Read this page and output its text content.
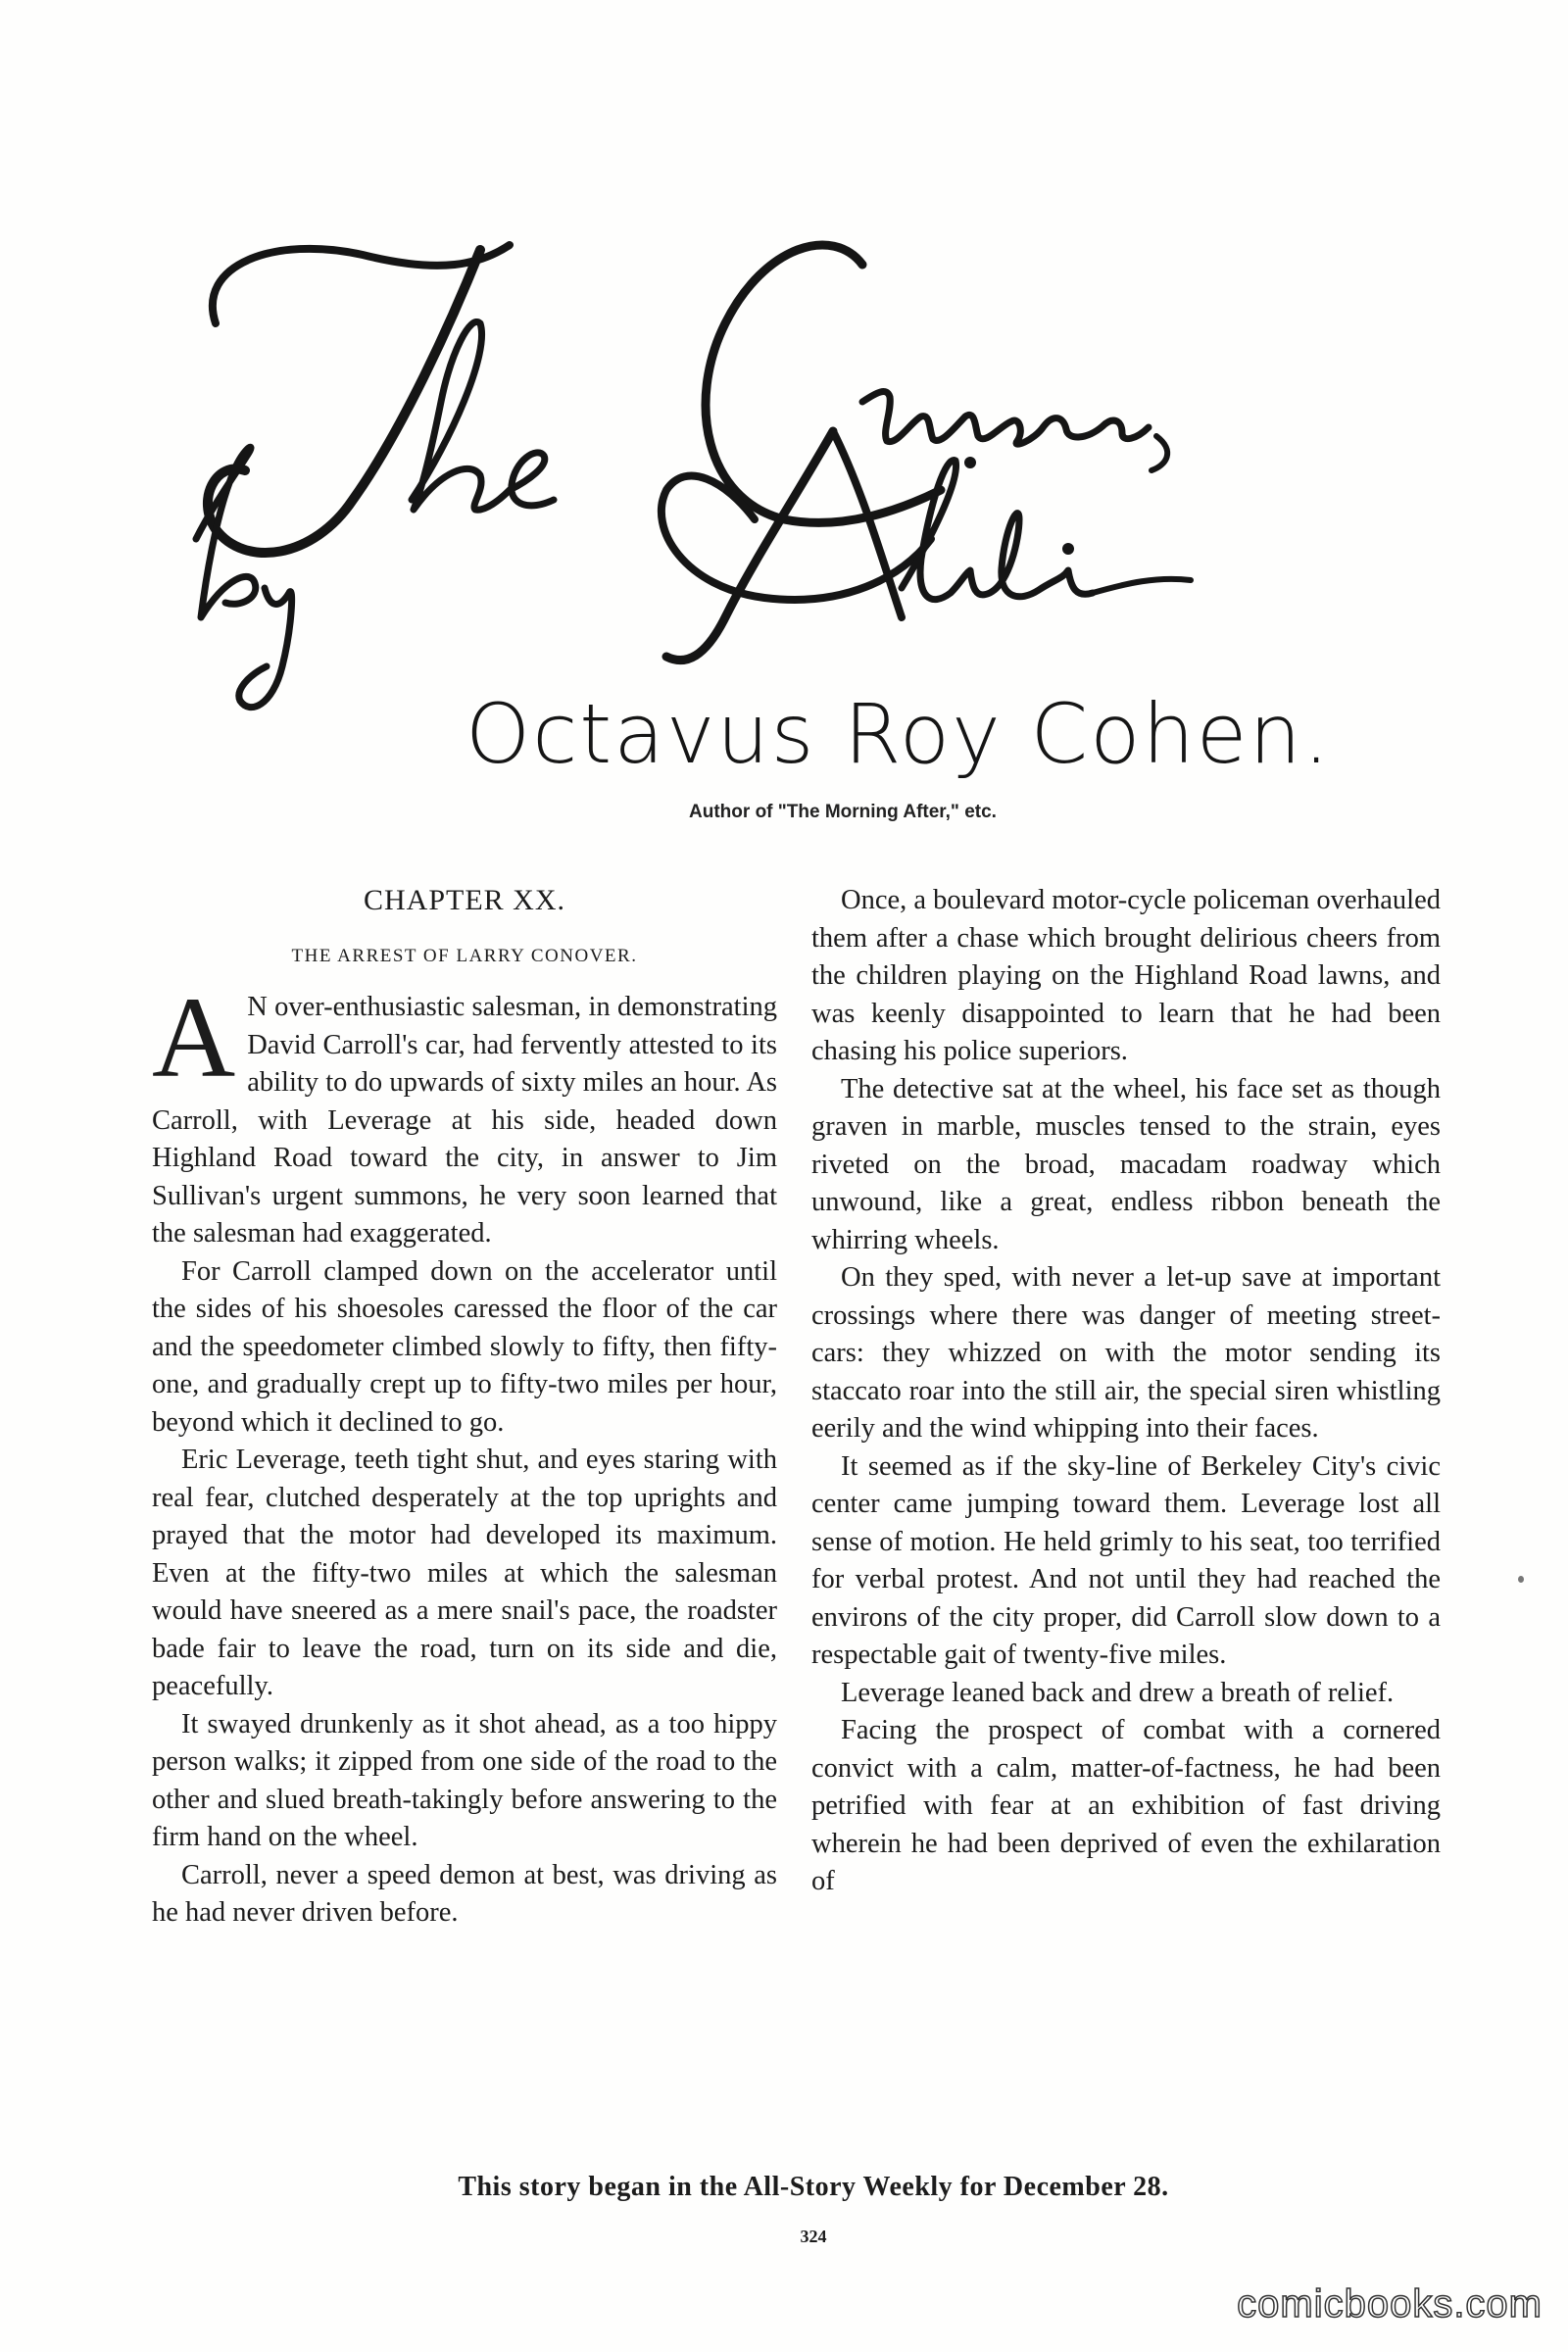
Octavus Roy Cohen.
Author of "The Morning After," etc.
CHAPTER XX.
THE ARREST OF LARRY CONOVER.

A N over-enthusiastic salesman, in demonstrating David Carroll's car, had fervently attested to its ability to do upwards of sixty miles an hour. As Carroll, with Leverage at his side, headed down Highland Road toward the city, in answer to Jim Sullivan's urgent summons, he very soon learned that the salesman had exaggerated.

For Carroll clamped down on the accelerator until the sides of his shoesoles caressed the floor of the car and the speedometer climbed slowly to fifty, then fifty-one, and gradually crept up to fifty-two miles per hour, beyond which it declined to go.

Eric Leverage, teeth tight shut, and eyes staring with real fear, clutched desperately at the top uprights and prayed that the motor had developed its maximum. Even at the fifty-two miles at which the salesman would have sneered as a mere snail's pace, the roadster bade fair to leave the road, turn on its side and die, peacefully.

It swayed drunkenly as it shot ahead, as a too hippy person walks; it zipped from one side of the road to the other and slued breath-takingly before answering to the firm hand on the wheel.

Carroll, never a speed demon at best, was driving as he had never driven before.

Once, a boulevard motor-cycle policeman overhauled them after a chase which brought delirious cheers from the children playing on the Highland Road lawns, and was keenly disappointed to learn that he had been chasing his police superiors.

The detective sat at the wheel, his face set as though graven in marble, muscles tensed to the strain, eyes riveted on the broad, macadam roadway which unwound, like a great, endless ribbon beneath the whirring wheels.

On they sped, with never a let-up save at important crossings where there was danger of meeting street-cars: they whizzed on with the motor sending its staccato roar into the still air, the special siren whistling eerily and the wind whipping into their faces.

It seemed as if the sky-line of Berkeley City's civic center came jumping toward them. Leverage lost all sense of motion. He held grimly to his seat, too terrified for verbal protest. And not until they had reached the environs of the city proper, did Carroll slow down to a respectable gait of twenty-five miles.

Leverage leaned back and drew a breath of relief.

Facing the prospect of combat with a cornered convict with a calm, matter-of-factness, he had been petrified with fear at an exhibition of fast driving wherein he had been deprived of even the exhilaration of

This story began in the All-Story Weekly for December 28.
324
comicbooks.com
